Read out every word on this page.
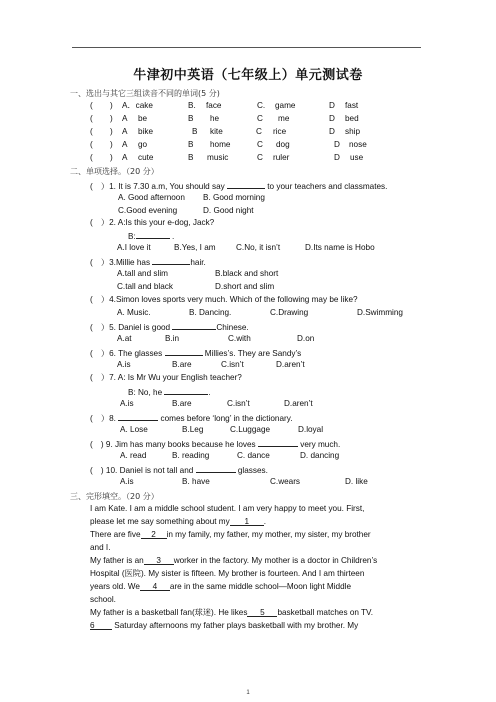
牛津初中英语（七年级上）单元测试卷
一、选出与其它三组读音不同的单词(5 分)
( ) A．cake	B. face	C. game	D fast
( ) A be	B he	C me	D bed
( ) A bike	B kite	C rice	D ship
( ) A go	B home	C dog	D nose
( ) A cute	B music	C ruler	D use
二、单项选择。（20 分）
(　）1. It is 7.30 a.m, You should say	to your teachers and classmates.
A. Good afternoon B. Good morning
C.Good evening	D. Good night
(　）2. A:Is this your e-dog, Jack?
B:	.
A.I love it	B.Yes, I am C.No, it isn’t	D.Its name is Hobo
(　）3.Millie has	hair.
A.tall and slim	B.black and short
C.tall and black	D.short and slim
(　）4.Simon loves sports very much. Which of the following may be like?
A. Music.	B. Dancing.	C.Drawing	D.Swimming
(　）5. Daniel is good	Chinese.
A.at	B.in	C.with	D.on
(　）6. The glasses	Millies’s. They are Sandy’s
A.is	B.are	C.isn’t	D.aren’t
(　）7. A: Is Mr Wu your English teacher?
B: No, he	.
A.is	B.are	C.isn’t	D.aren’t
(　）8.	comes before ‘long’ in the dictionary.
A. Lose	B.Leg	C.Luggage	D.loyal
(　) 9. Jim has many books because he loves	very much.
A. read	B. reading	C. dance	D. dancing
(　) 10. Daniel is not tall and	glasses.
A.is	B. have	C.wears	D. like
三、完形填空。（20 分）
I am Kate. I am a middle school student. I am very happy to meet you. First,
please let me say something about my 1 .
There are five 2 in my family, my father, my mother, my sister, my brother
and I.
My father is an 3 worker in the factory. My mother is a doctor in Children’s
Hospital (医院). My sister is fifteen. My brother is fourteen. And I am thirteen
years old. We 4 are in the same middle school—Moon light Middle
school.
My father is a basketball fan(球迷). He likes 5 basketball matches on TV.
6 Saturday afternoons my father plays basketball with my brother. My
1
